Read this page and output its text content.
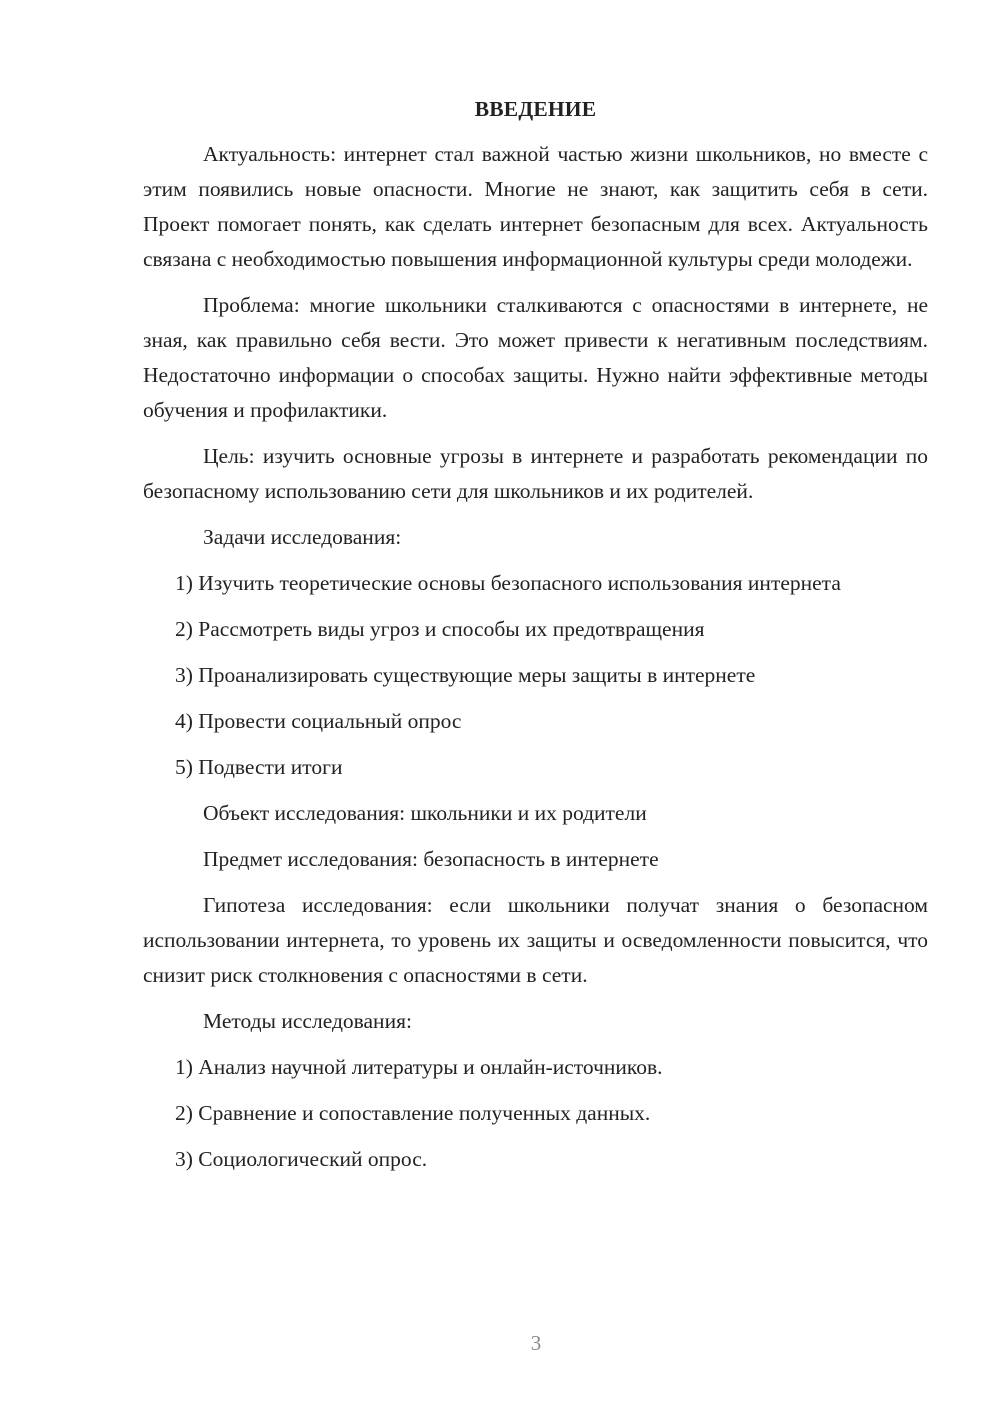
ВВЕДЕНИЕ
Актуальность: интернет стал важной частью жизни школьников, но вместе с этим появились новые опасности. Многие не знают, как защитить себя в сети. Проект помогает понять, как сделать интернет безопасным для всех. Актуальность связана с необходимостью повышения информационной культуры среди молодежи.
Проблема: многие школьники сталкиваются с опасностями в интернете, не зная, как правильно себя вести. Это может привести к негативным последствиям. Недостаточно информации о способах защиты. Нужно найти эффективные методы обучения и профилактики.
Цель: изучить основные угрозы в интернете и разработать рекомендации по безопасному использованию сети для школьников и их родителей.
Задачи исследования:
1) Изучить теоретические основы безопасного использования интернета
2) Рассмотреть виды угроз и способы их предотвращения
3) Проанализировать существующие меры защиты в интернете
4) Провести социальный опрос
5) Подвести итоги
Объект исследования: школьники и их родители
Предмет исследования: безопасность в интернете
Гипотеза исследования: если школьники получат знания о безопасном использовании интернета, то уровень их защиты и осведомленности повысится, что снизит риск столкновения с опасностями в сети.
Методы исследования:
1) Анализ научной литературы и онлайн-источников.
2) Сравнение и сопоставление полученных данных.
3) Социологический опрос.
3
